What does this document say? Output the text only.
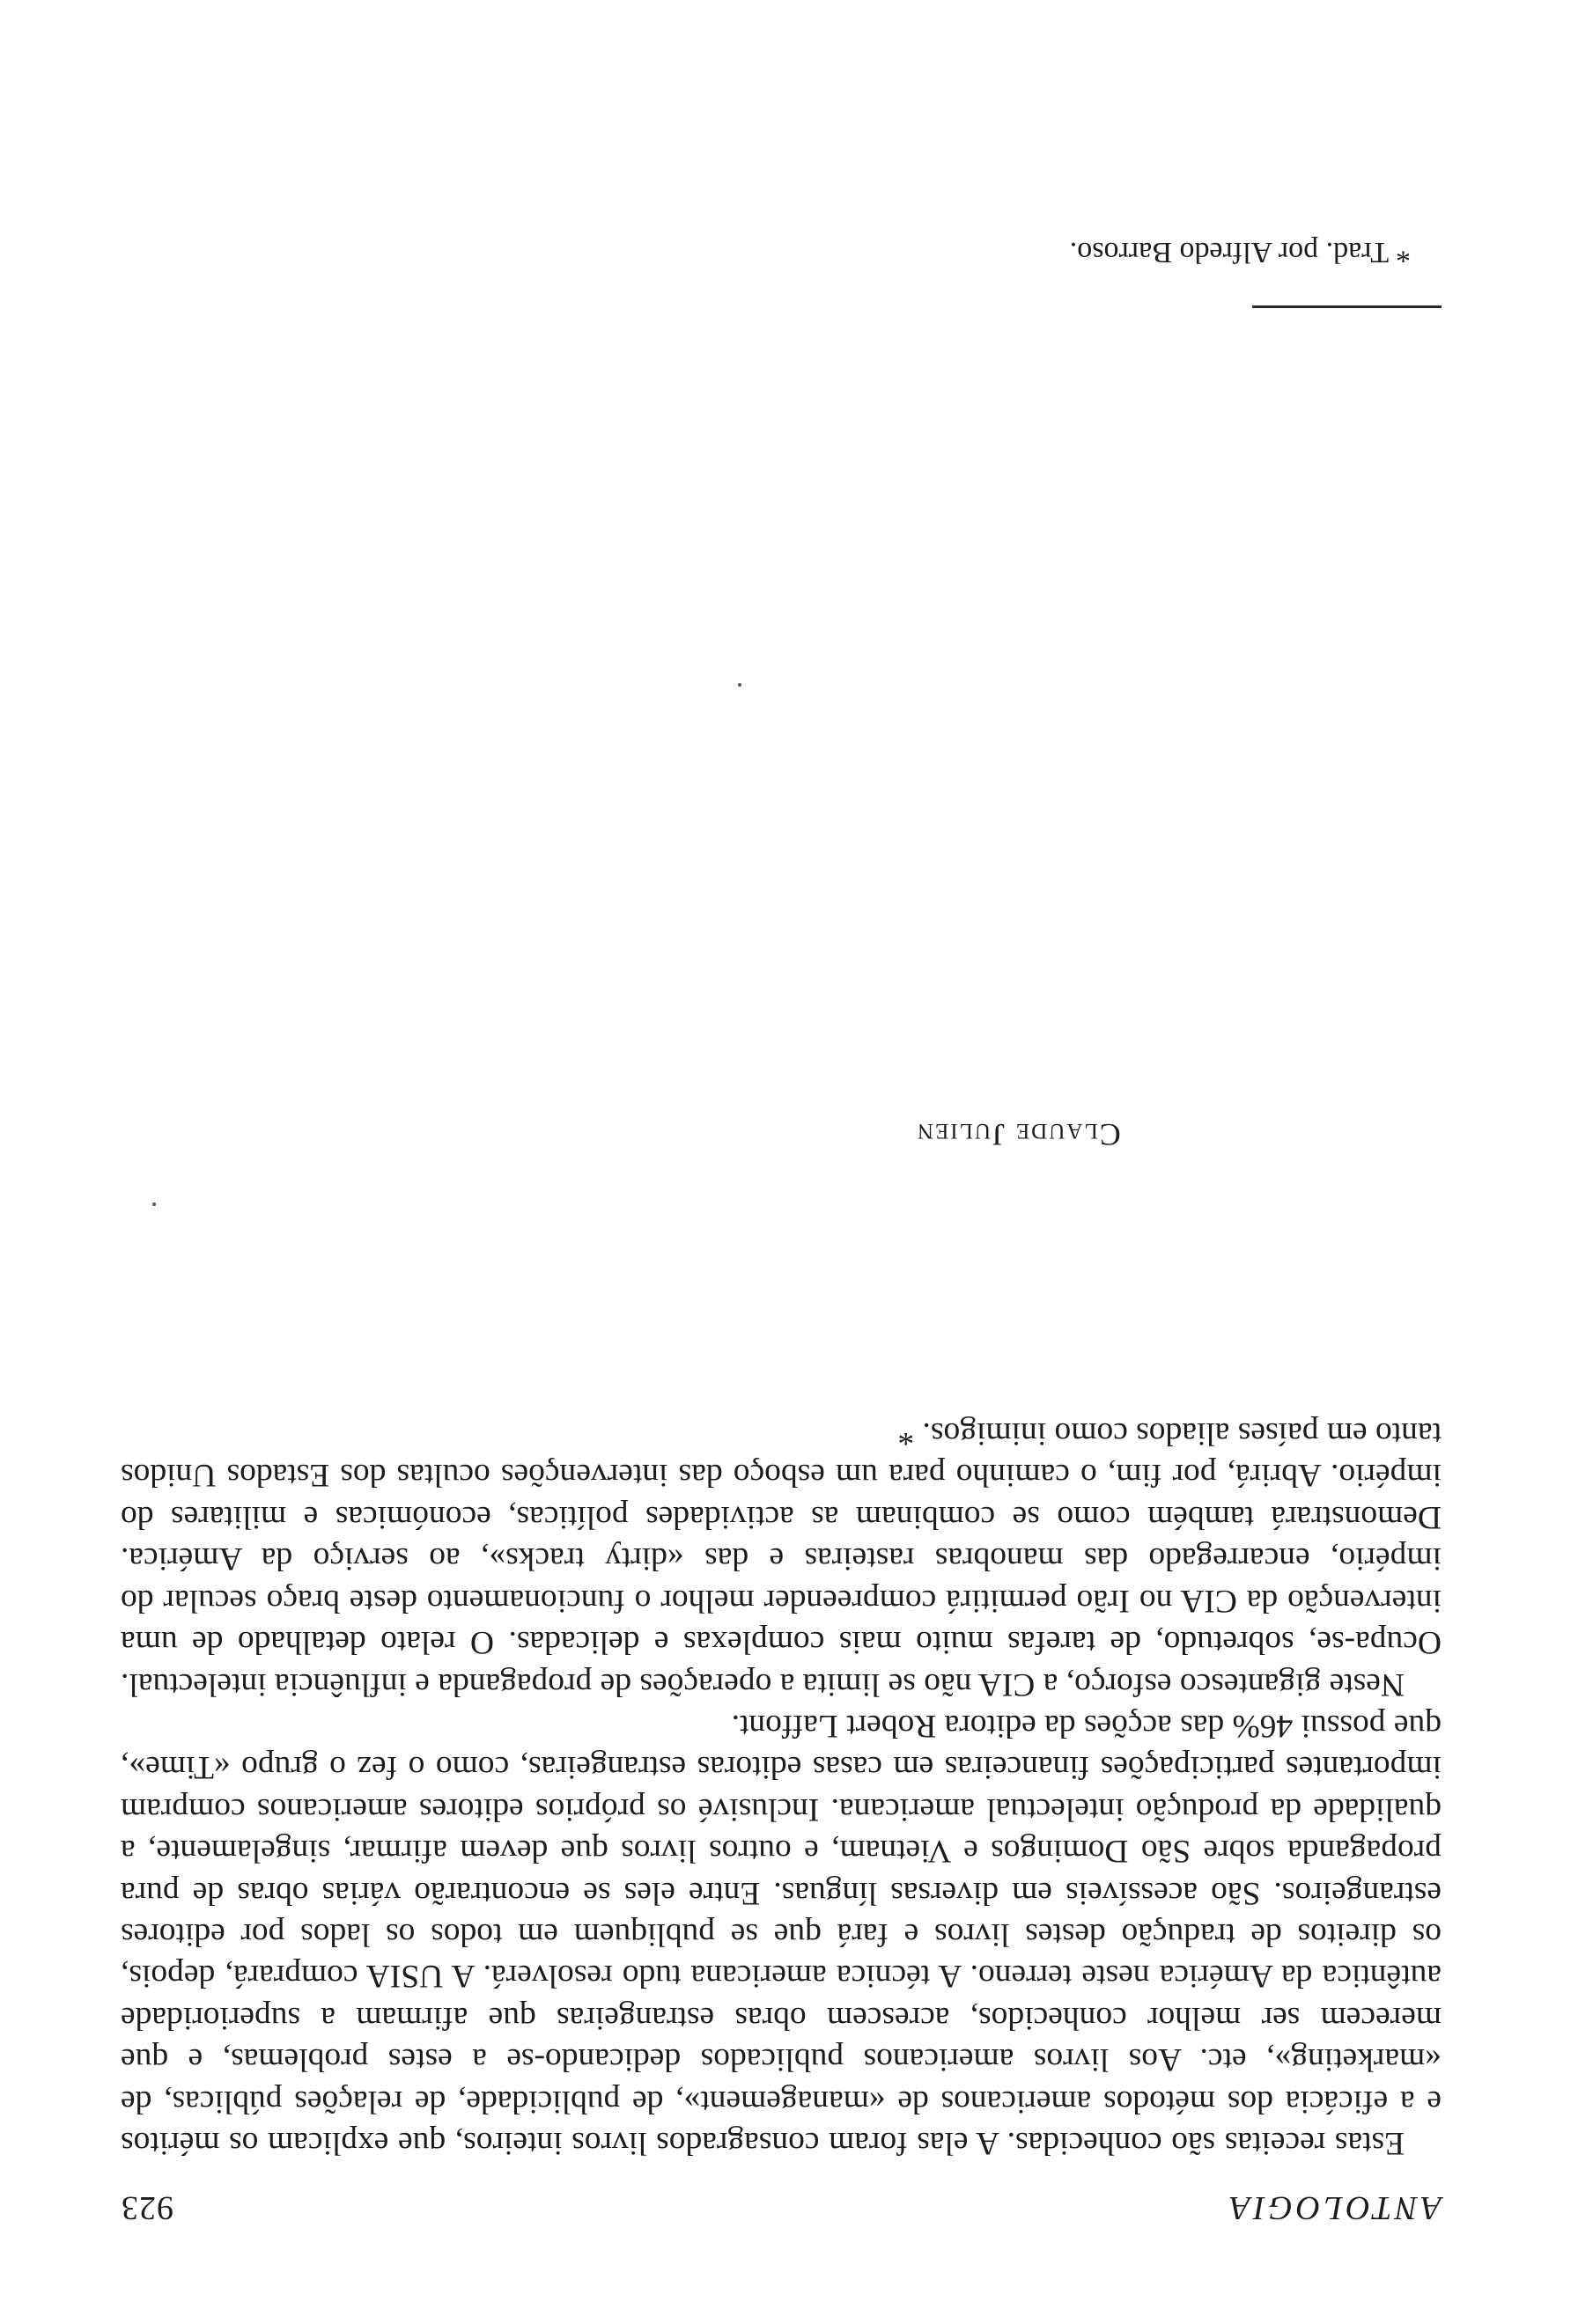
ANTOLOGIA
923

Estas receitas são conhecidas. A elas foram consagrados livros inteiros, que explicam os méritos e a eficácia dos métodos americanos de «management», de publicidade, de relações públicas, de «marketing», etc. Aos livros americanos publicados dedicando-se a estes problemas, e que merecem ser melhor conhecidos, acrescem obras estrangeiras que afirmam a superioridade autêntica da América neste terreno. A técnica americana tudo resolverá. A USIA comprará, depois, os direitos de tradução destes livros e fará que se publiquem em todos os lados por editores estrangeiros. São acessíveis em diversas línguas. Entre eles se encontrarão várias obras de pura propaganda sobre São Domingos e Vietnam, e outros livros que devem afirmar, singelamente, a qualidade da produção intelectual americana. Inclusivé os próprios editores americanos compram importantes participações financeiras em casas editoras estrangeiras, como o fez o grupo «Time», que possui 46% das acções da editora Robert Laffont.

Neste gigantesco esforço, a CIA não se limita a operações de propaganda e influência intelectual. Ocupa-se, sobretudo, de tarefas muito mais complexas e delicadas. O relato detalhado de uma intervenção da CIA no Irão permitirá compreender melhor o funcionamento deste braço secular do império, encarregado das manobras rasteiras e das «dirty tracks», ao serviço da América. Demonstrará também como se combinam as actividades políticas, económicas e militares do império. Abrirá, por fim, o caminho para um esboço das intervenções ocultas dos Estados Unidos tanto em países aliados como inimigos. *

Claude Julien
* Trad. por Alfredo Barroso.
